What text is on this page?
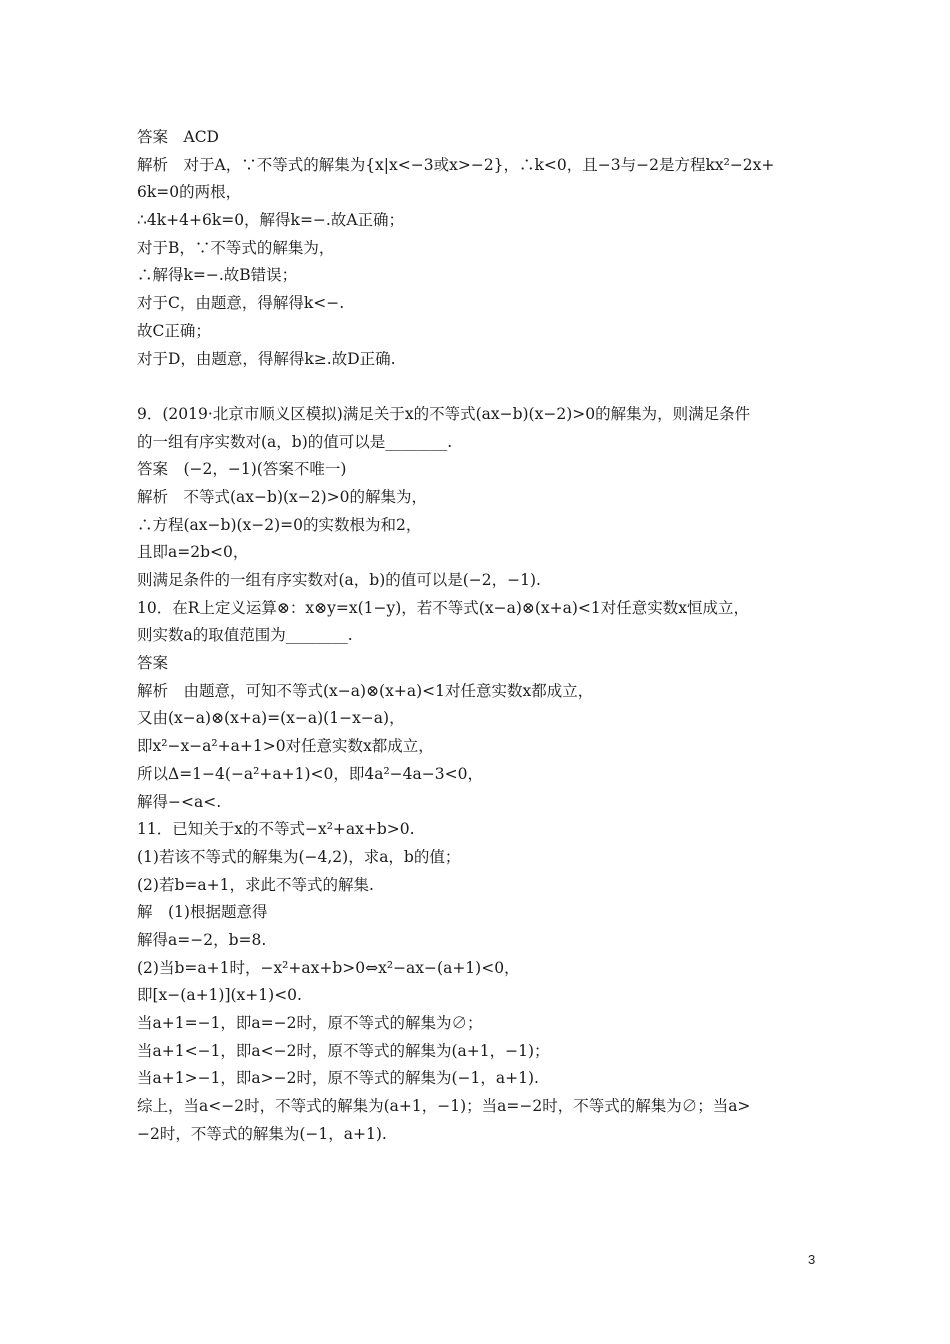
答案　ACD
解析　对于A，∵不等式的解集为{x|x<−3或x>−2}，∴k<0，且−3与−2是方程kx²−2x+
6k=0的两根，
∴4k+4+6k=0，解得k=−.故A正确；
对于B，∵不等式的解集为，
∴解得k=−.故B错误；
对于C，由题意，得解得k<−.
故C正确；
对于D，由题意，得解得k≥.故D正确.
9．(2019·北京市顺义区模拟)满足关于x的不等式(ax−b)(x−2)>0的解集为，则满足条件
的一组有序实数对(a，b)的值可以是________.
答案　(−2，−1)(答案不唯一)
解析　不等式(ax−b)(x−2)>0的解集为，
∴方程(ax−b)(x−2)=0的实数根为和2，
且即a=2b<0，
则满足条件的一组有序实数对(a，b)的值可以是(−2，−1).
10．在R上定义运算⊗：x⊗y=x(1−y)，若不等式(x−a)⊗(x+a)<1对任意实数x恒成立，
则实数a的取值范围为________.
答案
解析　由题意，可知不等式(x−a)⊗(x+a)<1对任意实数x都成立，
又由(x−a)⊗(x+a)=(x−a)(1−x−a)，
即x²−x−a²+a+1>0对任意实数x都成立，
所以Δ=1−4(−a²+a+1)<0，即4a²−4a−3<0，
解得−<a<.
11．已知关于x的不等式−x²+ax+b>0.
(1)若该不等式的解集为(−4,2)，求a，b的值；
(2)若b=a+1，求此不等式的解集.
解　(1)根据题意得
解得a=−2，b=8.
(2)当b=a+1时，−x²+ax+b>0⇔x²−ax−(a+1)<0，
即[x−(a+1)](x+1)<0.
当a+1=−1，即a=−2时，原不等式的解集为∅；
当a+1<−1，即a<−2时，原不等式的解集为(a+1，−1)；
当a+1>−1，即a>−2时，原不等式的解集为(−1，a+1).
综上，当a<−2时，不等式的解集为(a+1，−1)；当a=−2时，不等式的解集为∅；当a>
−2时，不等式的解集为(−1，a+1).
3
